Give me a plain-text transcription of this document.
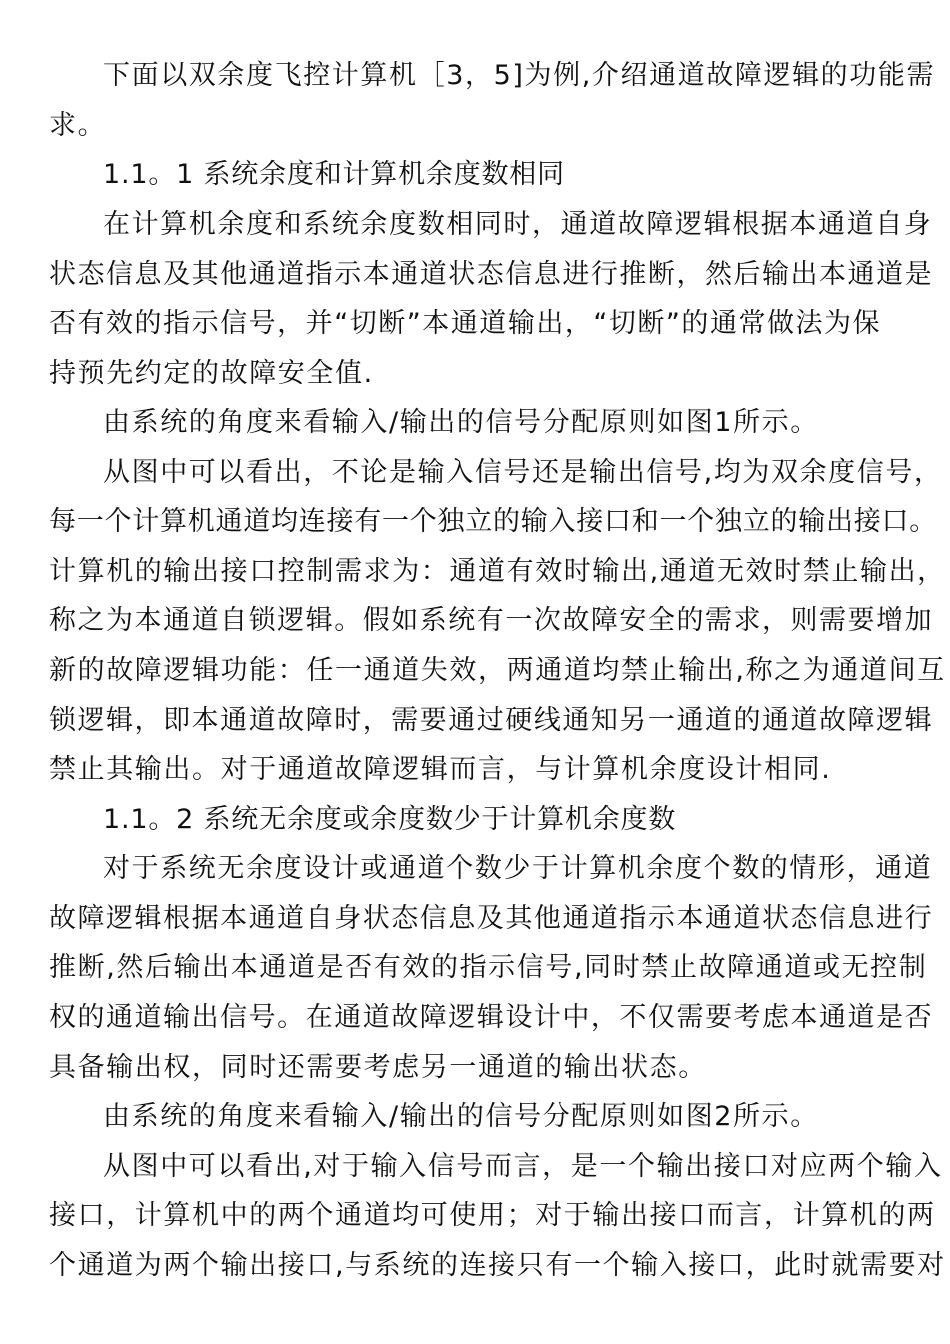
下面以双余度飞控计算机［3，5]为例,介绍通道故障逻辑的功能需
求。
1.1。1 系统余度和计算机余度数相同
在计算机余度和系统余度数相同时，通道故障逻辑根据本通道自身
状态信息及其他通道指示本通道状态信息进行推断，然后输出本通道是
否有效的指示信号，并“切断”本通道输出，“切断”的通常做法为保
持预先约定的故障安全值.
由系统的角度来看输入/输出的信号分配原则如图1所示。
从图中可以看出，不论是输入信号还是输出信号,均为双余度信号，
每一个计算机通道均连接有一个独立的输入接口和一个独立的输出接口。
计算机的输出接口控制需求为：通道有效时输出,通道无效时禁止输出，
称之为本通道自锁逻辑。假如系统有一次故障安全的需求，则需要增加
新的故障逻辑功能：任一通道失效，两通道均禁止输出,称之为通道间互
锁逻辑，即本通道故障时，需要通过硬线通知另一通道的通道故障逻辑
禁止其输出。对于通道故障逻辑而言，与计算机余度设计相同.
1.1。2 系统无余度或余度数少于计算机余度数
对于系统无余度设计或通道个数少于计算机余度个数的情形，通道
故障逻辑根据本通道自身状态信息及其他通道指示本通道状态信息进行
推断,然后输出本通道是否有效的指示信号,同时禁止故障通道或无控制
权的通道输出信号。在通道故障逻辑设计中，不仅需要考虑本通道是否
具备输出权，同时还需要考虑另一通道的输出状态。
由系统的角度来看输入/输出的信号分配原则如图2所示。
从图中可以看出,对于输入信号而言，是一个输出接口对应两个输入
接口，计算机中的两个通道均可使用；对于输出接口而言，计算机的两
个通道为两个输出接口,与系统的连接只有一个输入接口，此时就需要对
